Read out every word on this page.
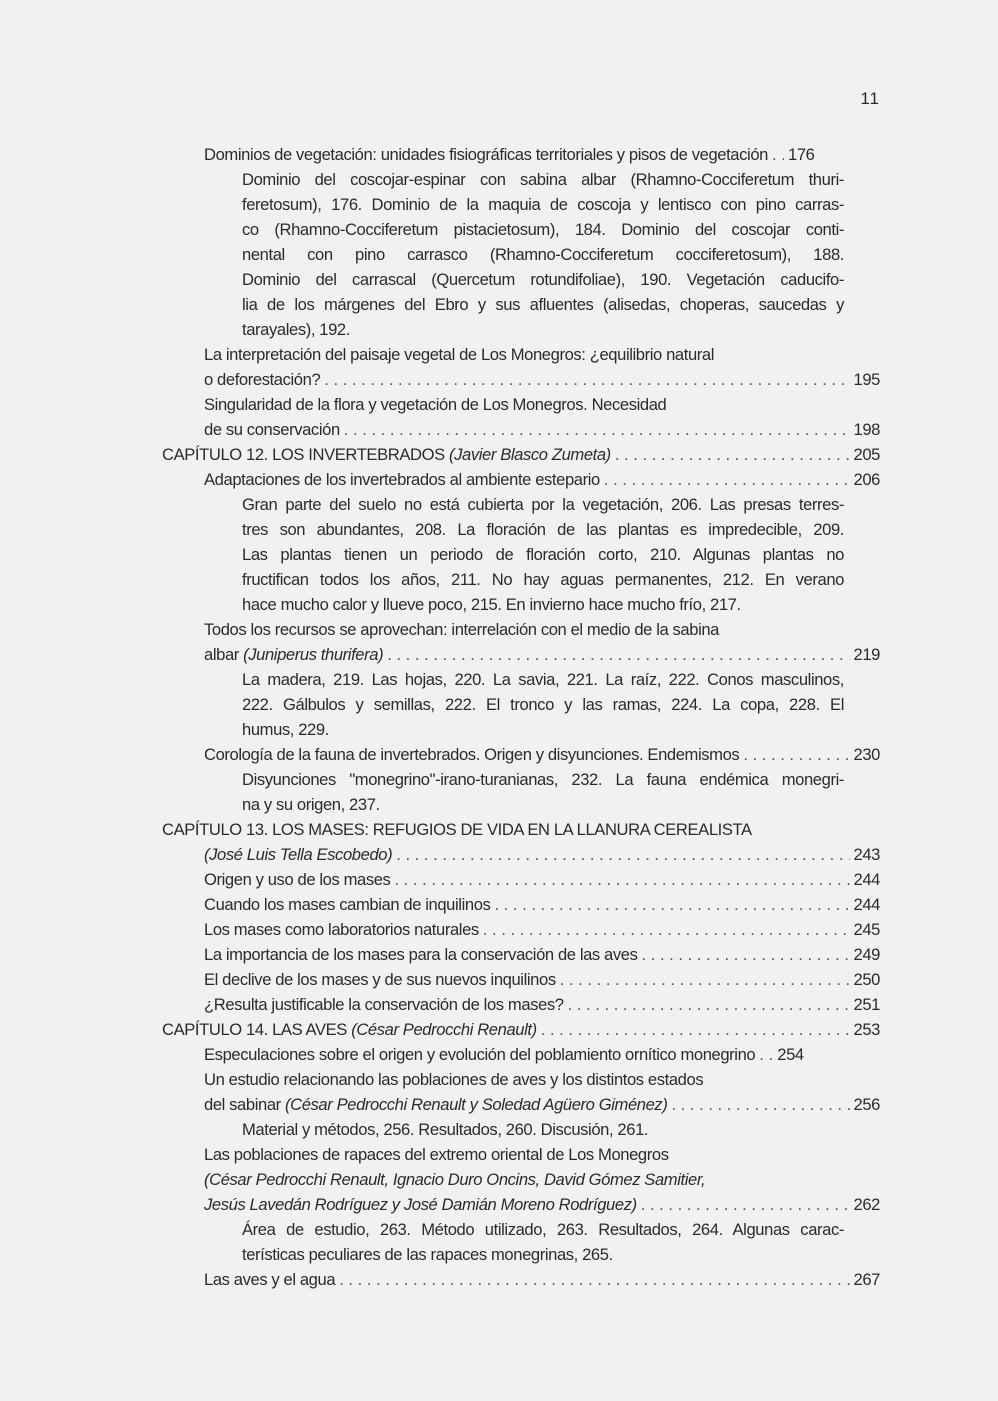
11
Dominios de vegetación: unidades fisiográficas territoriales y pisos de vegetación . . . 176
Dominio del coscojar-espinar con sabina albar (Rhamno-Cocciferetum thuri-
feretosum), 176. Dominio de la maquia de coscoja y lentisco con pino carras-
co (Rhamno-Cocciferetum pistacietosum), 184. Dominio del coscojar conti-
nental con pino carrasco (Rhamno-Cocciferetum cocciferetosum), 188.
Dominio del carrascal (Quercetum rotundifoliae), 190. Vegetación caducifo-
lia de los márgenes del Ebro y sus afluentes (alisedas, choperas, saucedas y
tarayales), 192.
La interpretación del paisaje vegetal de Los Monegros: ¿equilibrio natural
o deforestación? . . .	195
Singularidad de la flora y vegetación de Los Monegros. Necesidad
de su conservación . . .	198
CAPÍTULO 12. LOS INVERTEBRADOS (Javier Blasco Zumeta) . . .	205
Adaptaciones de los invertebrados al ambiente estepario . . .	206
Gran parte del suelo no está cubierta por la vegetación, 206. Las presas terres-
tres son abundantes, 208. La floración de las plantas es impredecible, 209.
Las plantas tienen un periodo de floración corto, 210. Algunas plantas no
fructifican todos los años, 211. No hay aguas permanentes, 212. En verano
hace mucho calor y llueve poco, 215. En invierno hace mucho frío, 217.
Todos los recursos se aprovechan: interrelación con el medio de la sabina
albar (Juniperus thurifera) . . .	219
La madera, 219. Las hojas, 220. La savia, 221. La raíz, 222. Conos masculinos,
222. Gálbulos y semillas, 222. El tronco y las ramas, 224. La copa, 228. El
humus, 229.
Corología de la fauna de invertebrados. Origen y disyunciones. Endemismos . . .	230
Disyunciones "monegrino"-irano-turanianas, 232. La fauna endémica monegri-
na y su origen, 237.
CAPÍTULO 13. LOS MASES: REFUGIOS DE VIDA EN LA LLANURA CEREALISTA
(José Luis Tella Escobedo) . . .	243
Origen y uso de los mases . . .	244
Cuando los mases cambian de inquilinos . . .	244
Los mases como laboratorios naturales . . .	245
La importancia de los mases para la conservación de las aves . . .	249
El declive de los mases y de sus nuevos inquilinos . . .	250
¿Resulta justificable la conservación de los mases? . . .	251
CAPÍTULO 14. LAS AVES (César Pedrocchi Renault) . . .	253
Especulaciones sobre el origen y evolución del poblamiento ornítico monegrino . . . 254
Un estudio relacionando las poblaciones de aves y los distintos estados
del sabinar (César Pedrocchi Renault y Soledad Agüero Giménez) . . .	256
Material y métodos, 256. Resultados, 260. Discusión, 261.
Las poblaciones de rapaces del extremo oriental de Los Monegros
(César Pedrocchi Renault, Ignacio Duro Oncins, David Gómez Samitier,
Jesús Lavedán Rodríguez y José Damián Moreno Rodríguez) . . .	262
Área de estudio, 263. Método utilizado, 263. Resultados, 264. Algunas carac-
terísticas peculiares de las rapaces monegrinas, 265.
Las aves y el agua . . .	267
